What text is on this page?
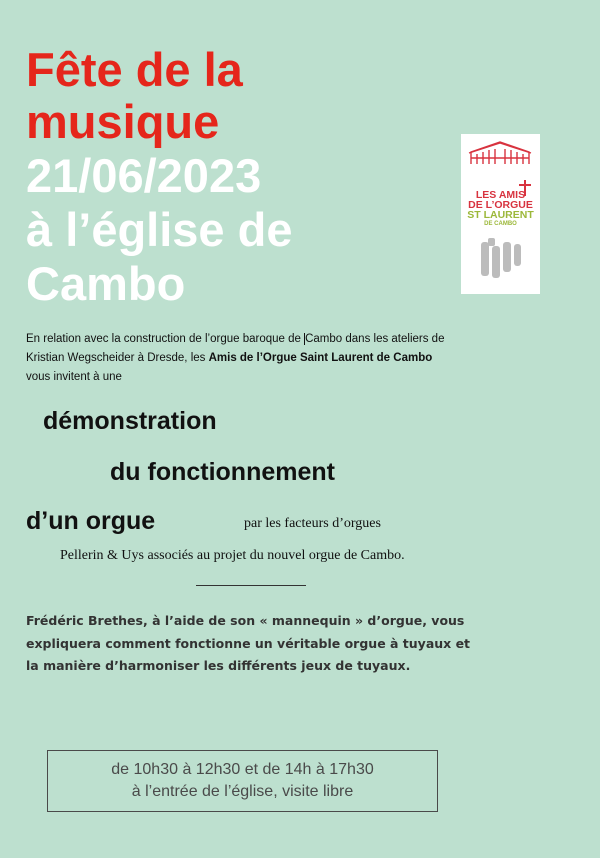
Fête de la
musique
21/06/2023
à l’église de
Cambo
LES AMIS
DE L’ORGUE
ST LAURENT
DE CAMBO

En relation avec la construction de l’orgue baroque de Cambo dans les ateliers de Kristian Wegscheider à Dresde, les Amis de l’Orgue Saint Laurent de Cambo vous invitent à une

démonstration
du fonctionnement
d’un orgue	par les facteurs d’orgues
Pellerin & Uys associés au projet du nouvel orgue de Cambo.
Frédéric Brethes, à l’aide de son « mannequin » d’orgue, vous
expliquera comment fonctionne un véritable orgue à tuyaux et
la manière d’harmoniser les différents jeux de tuyaux.
de 10h30 à 12h30 et de 14h à 17h30
à l’entrée de l’église, visite libre
